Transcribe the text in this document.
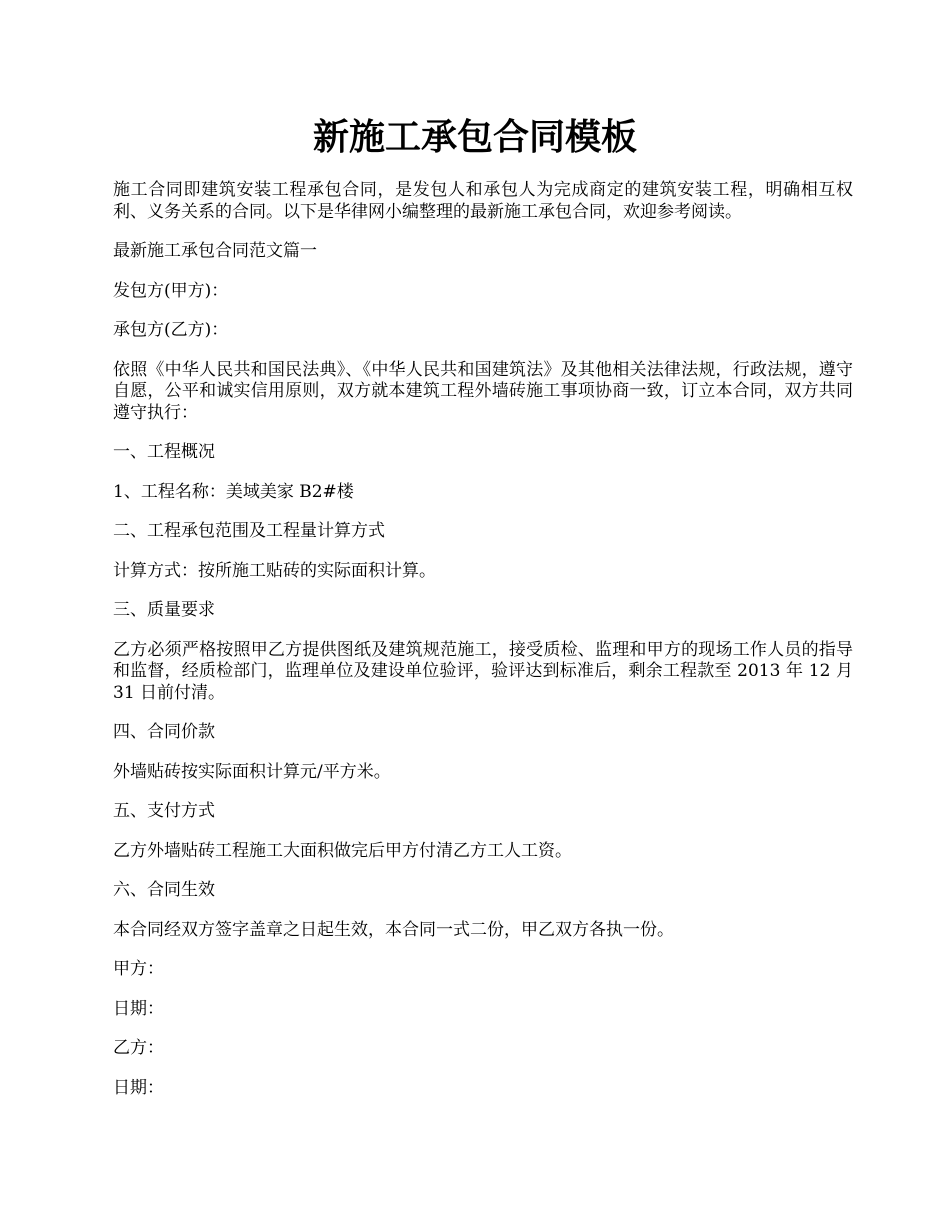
新施工承包合同模板

施工合同即建筑安装工程承包合同，是发包人和承包人为完成商定的建筑安装工程，明确相互权利、义务关系的合同。以下是华律网小编整理的最新施工承包合同，欢迎参考阅读。

最新施工承包合同范文篇一

发包方(甲方)：

承包方(乙方)：

依照《中华人民共和国民法典》、《中华人民共和国建筑法》及其他相关法律法规，行政法规，遵守自愿，公平和诚实信用原则，双方就本建筑工程外墙砖施工事项协商一致，订立本合同，双方共同遵守执行：

一、工程概况

1、工程名称：美域美家 B2#楼

二、工程承包范围及工程量计算方式

计算方式：按所施工贴砖的实际面积计算。

三、质量要求

乙方必须严格按照甲乙方提供图纸及建筑规范施工，接受质检、监理和甲方的现场工作人员的指导和监督，经质检部门，监理单位及建设单位验评，验评达到标准后，剩余工程款至 2013 年 12 月 31 日前付清。

四、合同价款

外墙贴砖按实际面积计算元/平方米。

五、支付方式

乙方外墙贴砖工程施工大面积做完后甲方付清乙方工人工资。

六、合同生效

本合同经双方签字盖章之日起生效，本合同一式二份，甲乙双方各执一份。

甲方：

日期：

乙方：

日期：
